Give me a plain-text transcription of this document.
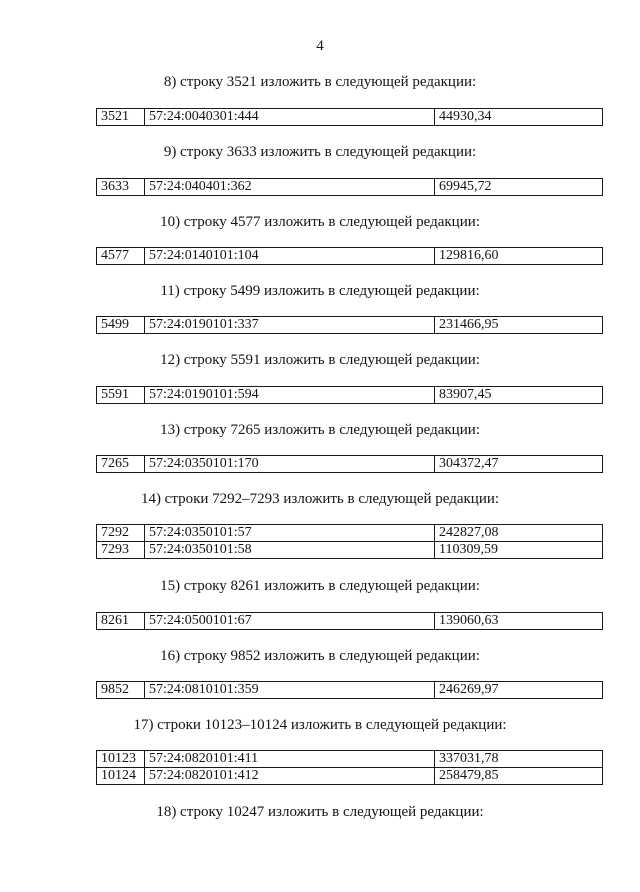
4
8) строку 3521 изложить в следующей редакции:
3521	57:24:0040301:444	44930,34
9) строку 3633 изложить в следующей редакции:
3633	57:24:040401:362	69945,72
10) строку 4577 изложить в следующей редакции:
4577	57:24:0140101:104	129816,60
11) строку 5499 изложить в следующей редакции:
5499	57:24:0190101:337	231466,95
12) строку 5591 изложить в следующей редакции:
5591	57:24:0190101:594	83907,45
13) строку 7265 изложить в следующей редакции:
7265	57:24:0350101:170	304372,47
14) строки 7292–7293 изложить в следующей редакции:
7292	57:24:0350101:57	242827,08
7293	57:24:0350101:58	110309,59
15) строку 8261 изложить в следующей редакции:
8261	57:24:0500101:67	139060,63
16) строку 9852 изложить в следующей редакции:
9852	57:24:0810101:359	246269,97
17) строки 10123–10124 изложить в следующей редакции:
10123	57:24:0820101:411	337031,78
10124	57:24:0820101:412	258479,85
18) строку 10247 изложить в следующей редакции:
